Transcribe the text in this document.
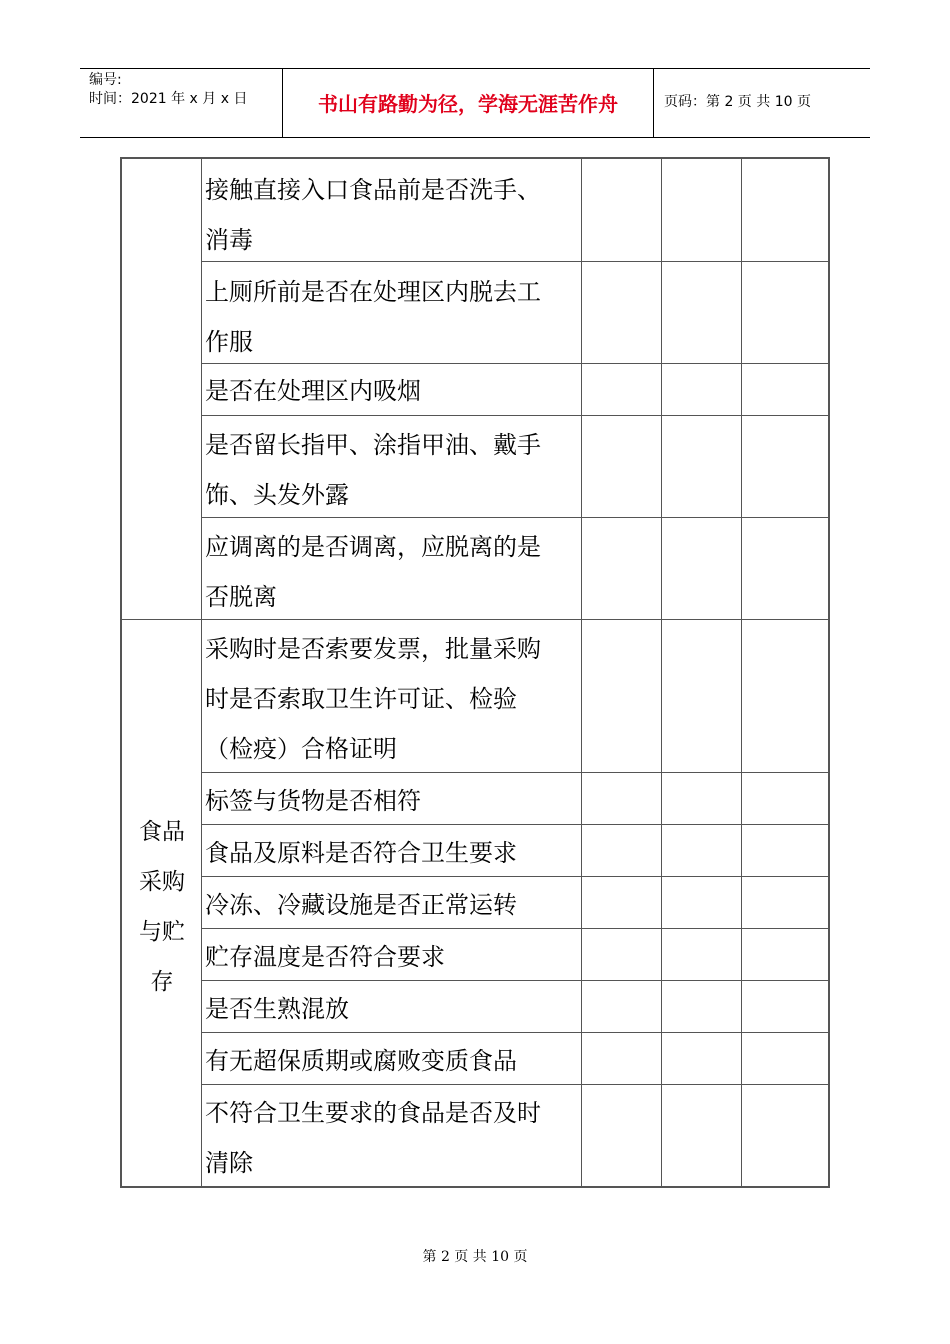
编号:
时间：2021 年 x 月 x 日	书山有路勤为径，学海无涯苦作舟	页码：第 2 页 共 10 页
接触直接入口食品前是否洗手、
消毒
上厕所前是否在处理区内脱去工
作服
是否在处理区内吸烟
是否留长指甲、涂指甲油、戴手
饰、头发外露
应调离的是否调离，应脱离的是
否脱离
食品
采购
与贮
存
采购时是否索要发票，批量采购
时是否索取卫生许可证、检验
（检疫）合格证明
标签与货物是否相符
食品及原料是否符合卫生要求
冷冻、冷藏设施是否正常运转
贮存温度是否符合要求
是否生熟混放
有无超保质期或腐败变质食品
不符合卫生要求的食品是否及时
清除
第 2 页 共 10 页
